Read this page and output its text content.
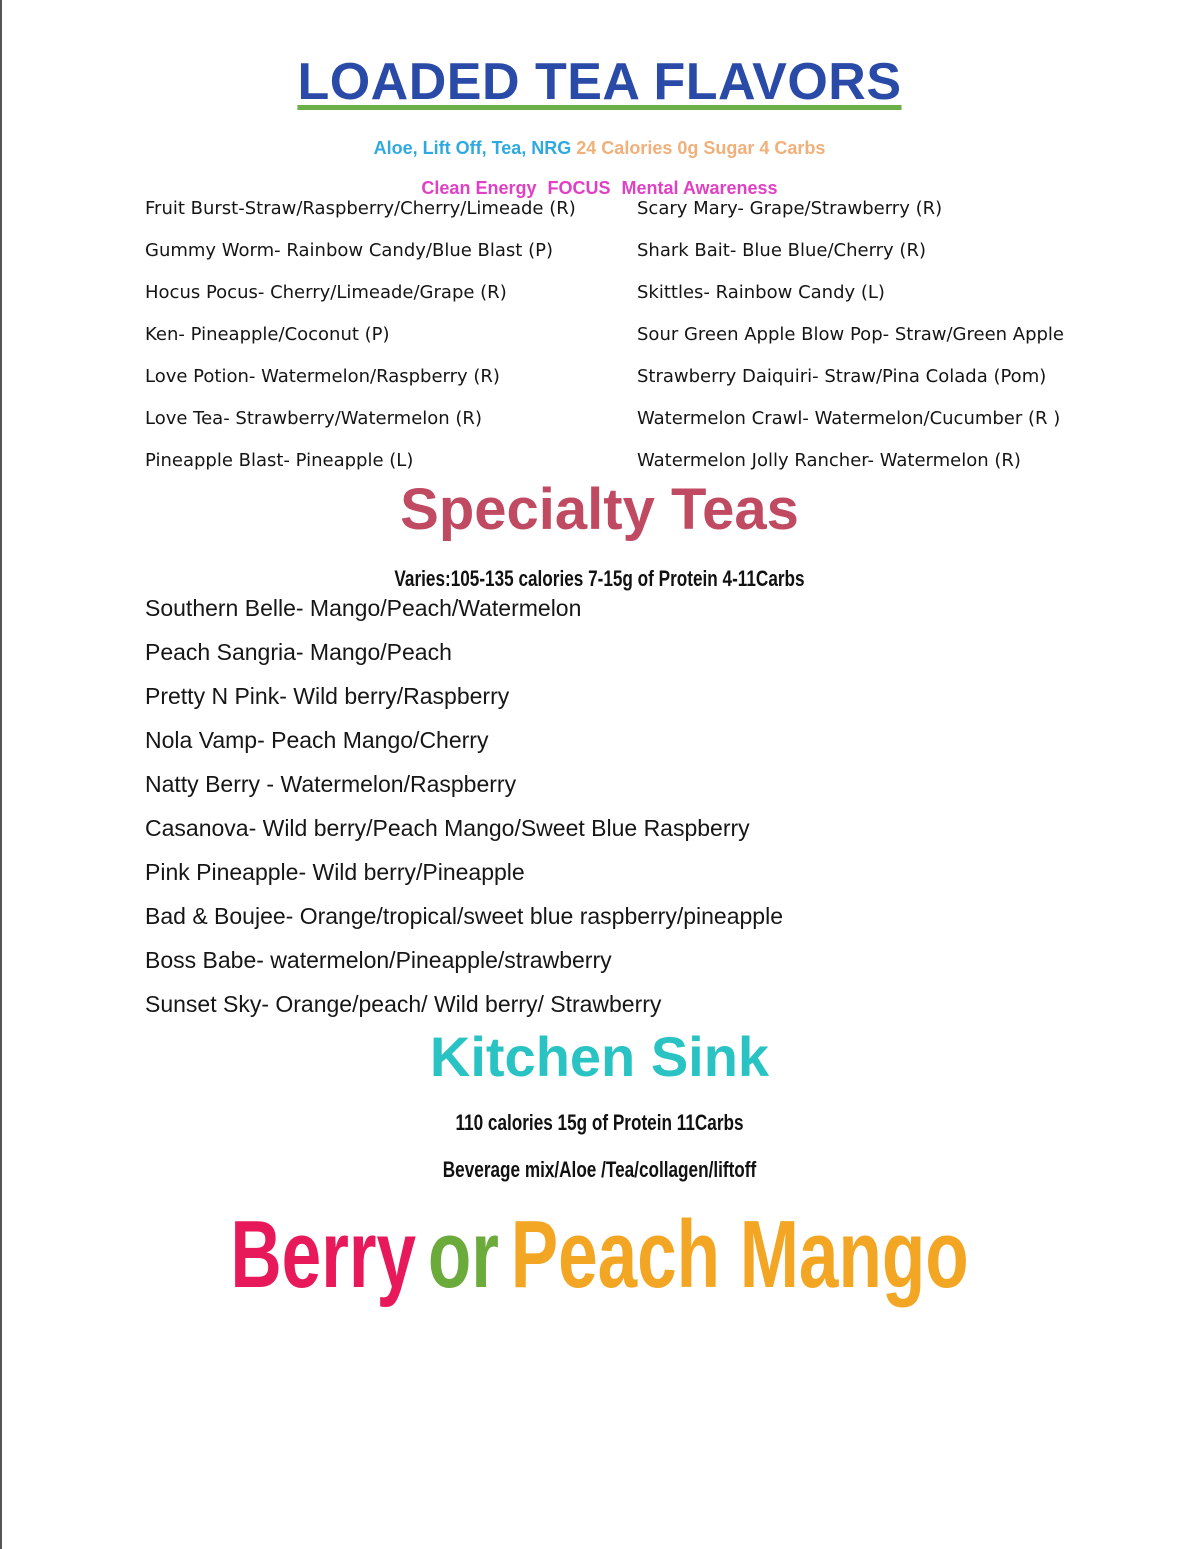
LOADED TEA FLAVORS
Aloe, Lift Off, Tea, NRG 24 Calories 0g Sugar 4 Carbs
Clean Energy FOCUS Mental Awareness
Fruit Burst-Straw/Raspberry/Cherry/Limeade (R)
Gummy Worm- Rainbow Candy/Blue Blast (P)
Hocus Pocus- Cherry/Limeade/Grape (R)
Ken- Pineapple/Coconut (P)
Love Potion- Watermelon/Raspberry (R)
Love Tea- Strawberry/Watermelon (R)
Pineapple Blast- Pineapple (L)
Scary Mary- Grape/Strawberry (R)
Shark Bait- Blue Blue/Cherry (R)
Skittles- Rainbow Candy (L)
Sour Green Apple Blow Pop- Straw/Green Apple
Strawberry Daiquiri- Straw/Pina Colada (Pom)
Watermelon Crawl- Watermelon/Cucumber (R )
Watermelon Jolly Rancher- Watermelon (R)
Specialty Teas
Varies:105-135 calories 7-15g of Protein 4-11Carbs
Southern Belle- Mango/Peach/Watermelon
Peach Sangria- Mango/Peach
Pretty N Pink- Wild berry/Raspberry
Nola Vamp- Peach Mango/Cherry
Natty Berry - Watermelon/Raspberry
Casanova- Wild berry/Peach Mango/Sweet Blue Raspberry
Pink Pineapple- Wild berry/Pineapple
Bad & Boujee- Orange/tropical/sweet blue raspberry/pineapple
Boss Babe- watermelon/Pineapple/strawberry
Sunset Sky- Orange/peach/ Wild berry/ Strawberry
Kitchen Sink
110 calories 15g of Protein 11Carbs
Beverage mix/Aloe /Tea/collagen/liftoff
Berry or Peach Mango
